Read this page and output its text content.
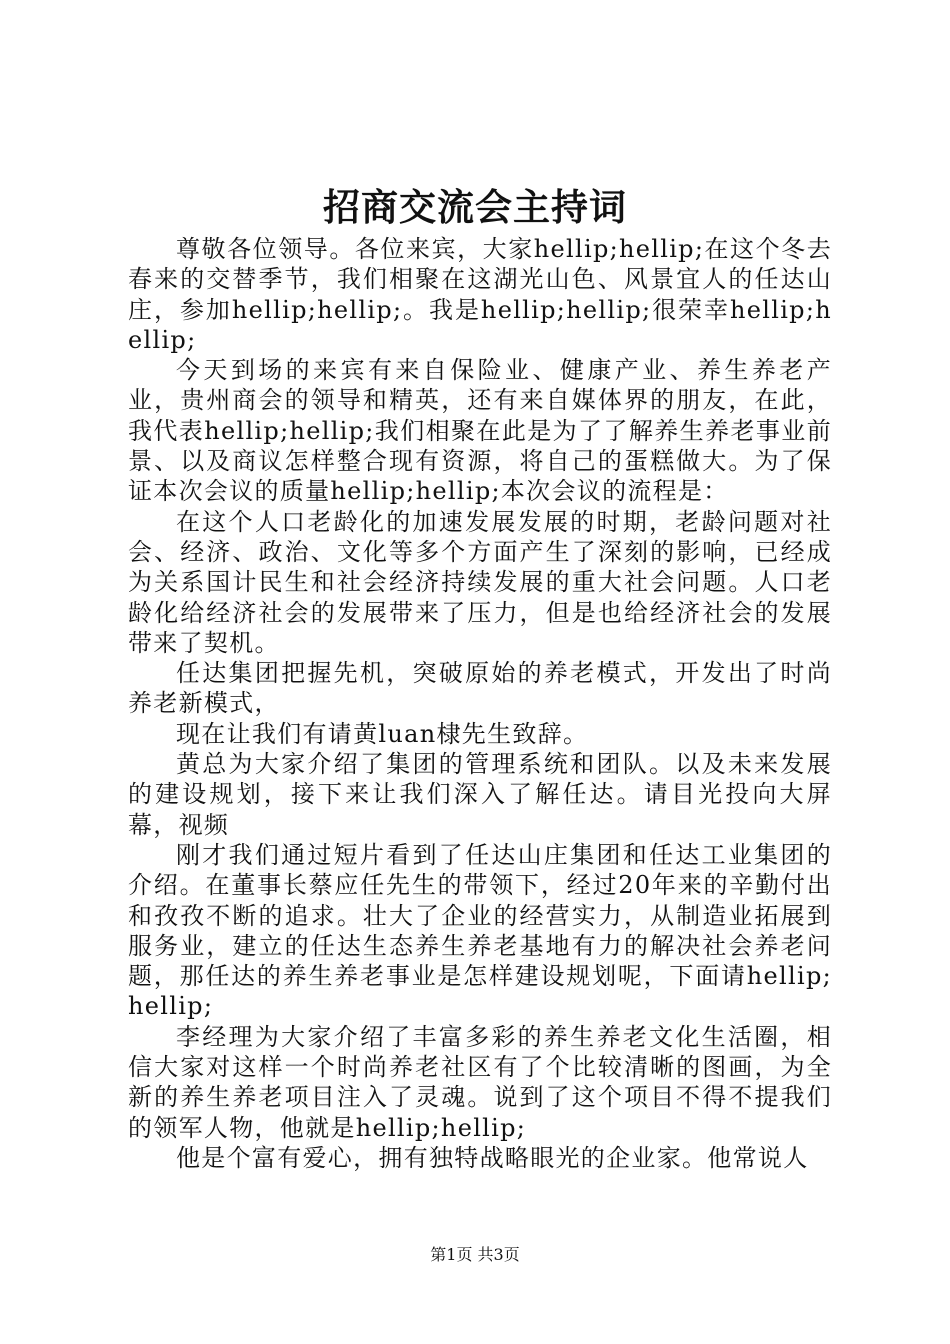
招商交流会主持词

尊敬各位领导。各位来宾，大家hellip;hellip;在这个冬去春来的交替季节，我们相聚在这湖光山色、风景宜人的任达山庄，参加hellip;hellip;。我是hellip;hellip;很荣幸hellip;hellip;

今天到场的来宾有来自保险业、健康产业、养生养老产业，贵州商会的领导和精英，还有来自媒体界的朋友，在此，我代表hellip;hellip;我们相聚在此是为了了解养生养老事业前景、以及商议怎样整合现有资源，将自己的蛋糕做大。为了保证本次会议的质量hellip;hellip;本次会议的流程是：

在这个人口老龄化的加速发展发展的时期，老龄问题对社会、经济、政治、文化等多个方面产生了深刻的影响，已经成为关系国计民生和社会经济持续发展的重大社会问题。人口老龄化给经济社会的发展带来了压力，但是也给经济社会的发展带来了契机。

任达集团把握先机，突破原始的养老模式，开发出了时尚养老新模式，

现在让我们有请黄luan棣先生致辞。

黄总为大家介绍了集团的管理系统和团队。以及未来发展的建设规划，接下来让我们深入了解任达。请目光投向大屏幕，视频

刚才我们通过短片看到了任达山庄集团和任达工业集团的介绍。在董事长蔡应任先生的带领下，经过20年来的辛勤付出和孜孜不断的追求。壮大了企业的经营实力，从制造业拓展到服务业，建立的任达生态养生养老基地有力的解决社会养老问题，那任达的养生养老事业是怎样建设规划呢，下面请hellip;hellip;

李经理为大家介绍了丰富多彩的养生养老文化生活圈，相信大家对这样一个时尚养老社区有了个比较清晰的图画，为全新的养生养老项目注入了灵魂。说到了这个项目不得不提我们的领军人物，他就是hellip;hellip;

他是个富有爱心，拥有独特战略眼光的企业家。他常说人

第1页 共3页
